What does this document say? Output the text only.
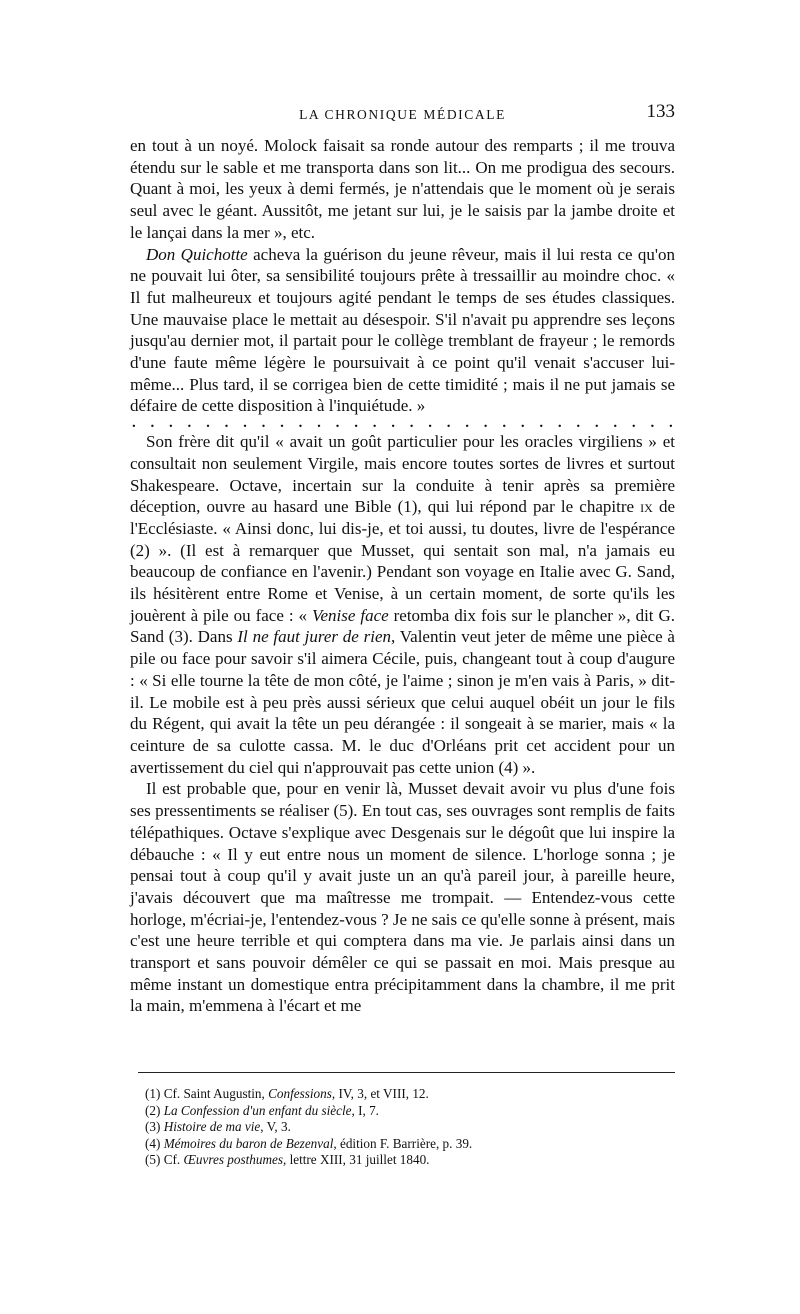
LA CHRONIQUE MÉDICALE	133

en tout à un noyé. Molock faisait sa ronde autour des remparts ; il me trouva étendu sur le sable et me transporta dans son lit... On me prodigua des secours. Quant à moi, les yeux à demi fermés, je n'attendais que le moment où je serais seul avec le géant. Aussitôt, me jetant sur lui, je le saisis par la jambe droite et le lançai dans la mer », etc.

Don Quichotte acheva la guérison du jeune rêveur, mais il lui resta ce qu'on ne pouvait lui ôter, sa sensibilité toujours prête à tressaillir au moindre choc. « Il fut malheureux et toujours agité pendant le temps de ses études classiques. Une mauvaise place le mettait au désespoir. S'il n'avait pu apprendre ses leçons jusqu'au dernier mot, il partait pour le collège tremblant de frayeur ; le remords d'une faute même légère le poursuivait à ce point qu'il venait s'accuser lui-même... Plus tard, il se corrigea bien de cette timidité ; mais il ne put jamais se défaire de cette disposition à l'inquiétude. »

. . . . . . . . . . . . . . . . . . . . . . . . . . . . . .

Son frère dit qu'il « avait un goût particulier pour les oracles virgiliens » et consultait non seulement Virgile, mais encore toutes sortes de livres et surtout Shakespeare. Octave, incertain sur la conduite à tenir après sa première déception, ouvre au hasard une Bible (1), qui lui répond par le chapitre ix de l'Ecclésiaste. « Ainsi donc, lui dis-je, et toi aussi, tu doutes, livre de l'espérance (2) ». (Il est à remarquer que Musset, qui sentait son mal, n'a jamais eu beaucoup de confiance en l'avenir.) Pendant son voyage en Italie avec G. Sand, ils hésitèrent entre Rome et Venise, à un certain moment, de sorte qu'ils les jouèrent à pile ou face : « Venise face retomba dix fois sur le plancher », dit G. Sand (3). Dans Il ne faut jurer de rien, Valentin veut jeter de même une pièce à pile ou face pour savoir s'il aimera Cécile, puis, changeant tout à coup d'augure : « Si elle tourne la tête de mon côté, je l'aime ; sinon je m'en vais à Paris, » dit-il. Le mobile est à peu près aussi sérieux que celui auquel obéit un jour le fils du Régent, qui avait la tête un peu dérangée : il songeait à se marier, mais « la ceinture de sa culotte cassa. M. le duc d'Orléans prit cet accident pour un avertissement du ciel qui n'approuvait pas cette union (4) ».

Il est probable que, pour en venir là, Musset devait avoir vu plus d'une fois ses pressentiments se réaliser (5). En tout cas, ses ouvrages sont remplis de faits télépathiques. Octave s'explique avec Desgenais sur le dégoût que lui inspire la débauche : « Il y eut entre nous un moment de silence. L'horloge sonna ; je pensai tout à coup qu'il y avait juste un an qu'à pareil jour, à pareille heure, j'avais découvert que ma maîtresse me trompait. — Entendez-vous cette horloge, m'écriai-je, l'entendez-vous ? Je ne sais ce qu'elle sonne à présent, mais c'est une heure terrible et qui comptera dans ma vie. Je parlais ainsi dans un transport et sans pouvoir démêler ce qui se passait en moi. Mais presque au même instant un domestique entra précipitamment dans la chambre, il me prit la main, m'emmena à l'écart et me

(1) Cf. Saint Augustin, Confessions, IV, 3, et VIII, 12.

(2) La Confession d'un enfant du siècle, I, 7.

(3) Histoire de ma vie, V, 3.

(4) Mémoires du baron de Bezenval, édition F. Barrière, p. 39.

(5) Cf. Œuvres posthumes, lettre XIII, 31 juillet 1840.
